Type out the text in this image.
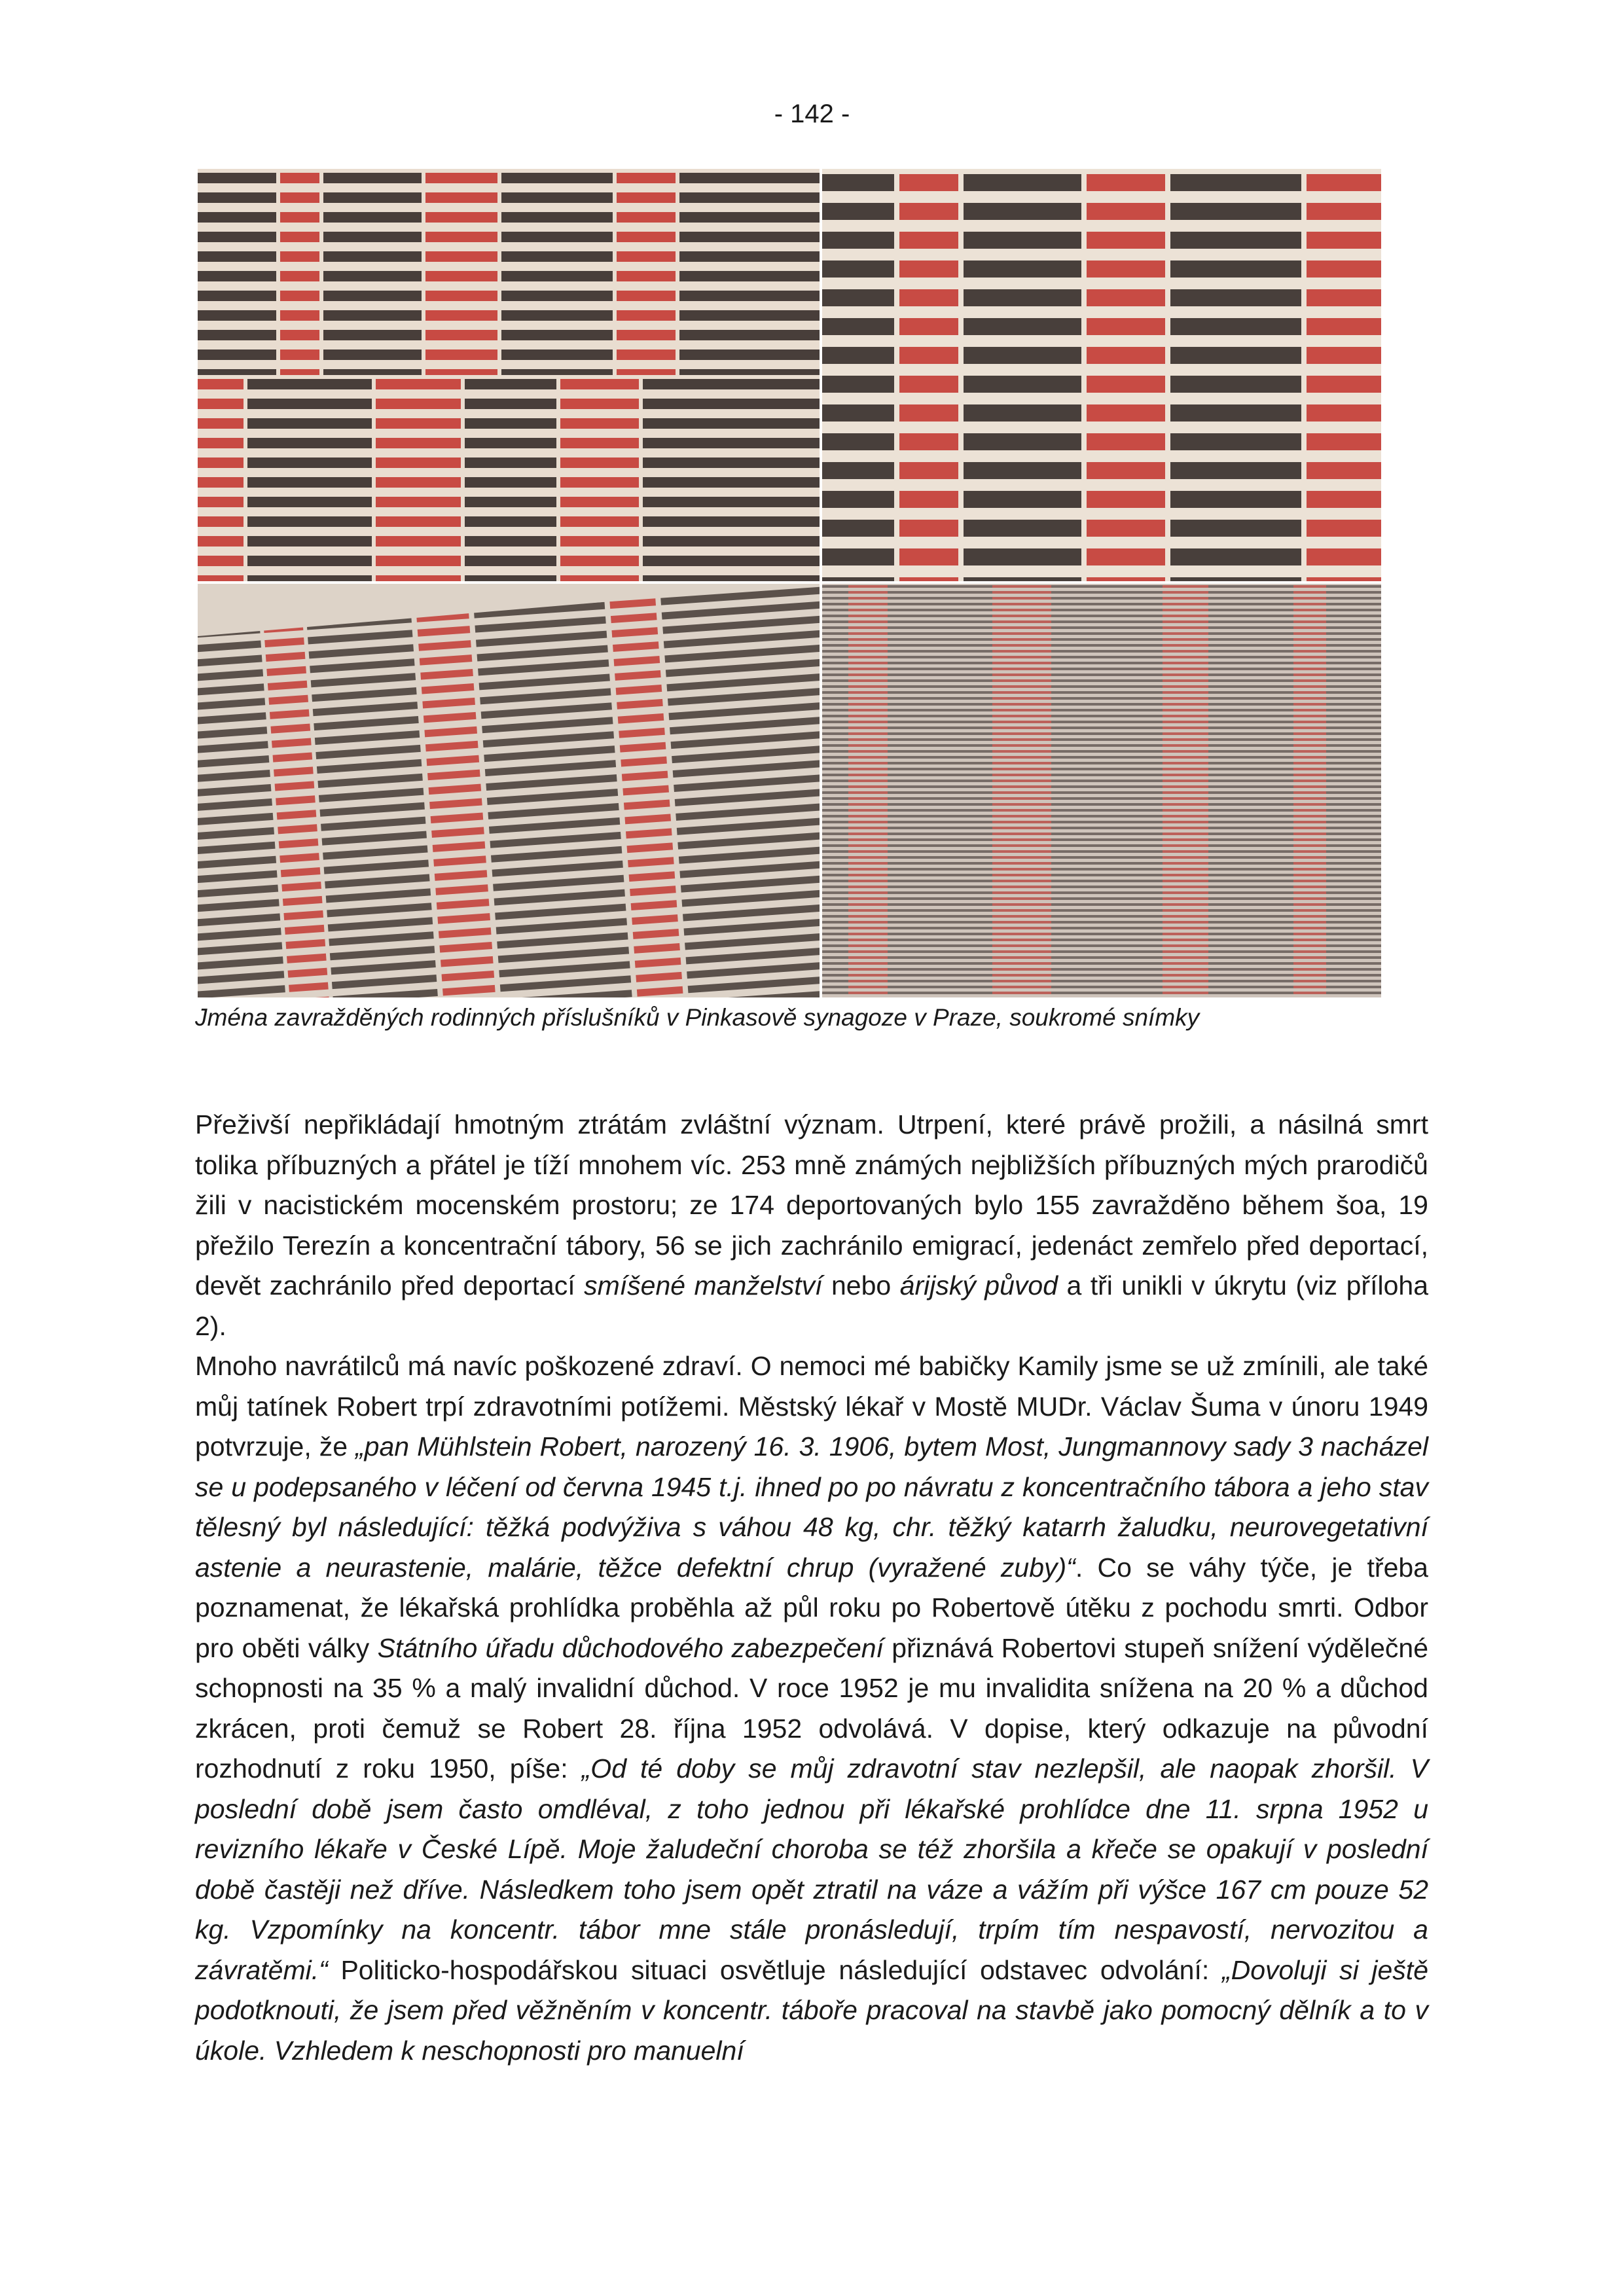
- 142 -
Jména zavražděných rodinných příslušníků v Pinkasově synagoze v Praze, soukromé snímky

Přeživší nepřikládají hmotným ztrátám zvláštní význam. Utrpení, které právě prožili, a násilná smrt tolika příbuzných a přátel je tíží mnohem víc. 253 mně známých nejbližších příbuzných mých prarodičů žili v nacistickém mocenském prostoru; ze 174 deportovaných bylo 155 zavražděno během šoa, 19 přežilo Terezín a koncentrační tábory, 56 se jich zachránilo emigrací, jedenáct zemřelo před deportací, devět zachránilo před deportací smíšené manželství nebo árijský původ a tři unikli v úkrytu (viz příloha 2).

Mnoho navrátilců má navíc poškozené zdraví. O nemoci mé babičky Kamily jsme se už zmínili, ale také můj tatínek Robert trpí zdravotními potížemi. Městský lékař v Mostě MUDr. Václav Šuma v únoru 1949 potvrzuje, že „pan Mühlstein Robert, narozený 16. 3. 1906, bytem Most, Jungmannovy sady 3 nacházel se u podepsaného v léčení od června 1945 t.j. ihned po po návratu z koncentračního tábora a jeho stav tělesný byl následující: těžká podvýživa s váhou 48 kg, chr. těžký katarrh žaludku, neurovegetativní astenie a neurastenie, malárie, těžce defektní chrup (vyražené zuby)“. Co se váhy týče, je třeba poznamenat, že lékařská prohlídka proběhla až půl roku po Robertově útěku z pochodu smrti. Odbor pro oběti války Státního úřadu důchodového zabezpečení přiznává Robertovi stupeň snížení výdělečné schopnosti na 35 % a malý invalidní důchod. V roce 1952 je mu invalidita snížena na 20 % a důchod zkrácen, proti čemuž se Robert 28. října 1952 odvolává. V dopise, který odkazuje na původní rozhodnutí z roku 1950, píše: „Od té doby se můj zdravotní stav nezlepšil, ale naopak zhoršil. V poslední době jsem často omdléval, z toho jednou při lékařské prohlídce dne 11. srpna 1952 u revizního lékaře v České Lípě. Moje žaludeční choroba se též zhoršila a křeče se opakují v poslední době častěji než dříve. Následkem toho jsem opět ztratil na váze a vážím při výšce 167 cm pouze 52 kg. Vzpomínky na koncentr. tábor mne stále pronásledují, trpím tím nespavostí, nervozitou a závratěmi.“ Politicko-hospodářskou situaci osvětluje následující odstavec odvolání: „Dovoluji si ještě podotknouti, že jsem před věžněním v koncentr. táboře pracoval na stavbě jako pomocný dělník a to v úkole. Vzhledem k neschopnosti pro manuelní
